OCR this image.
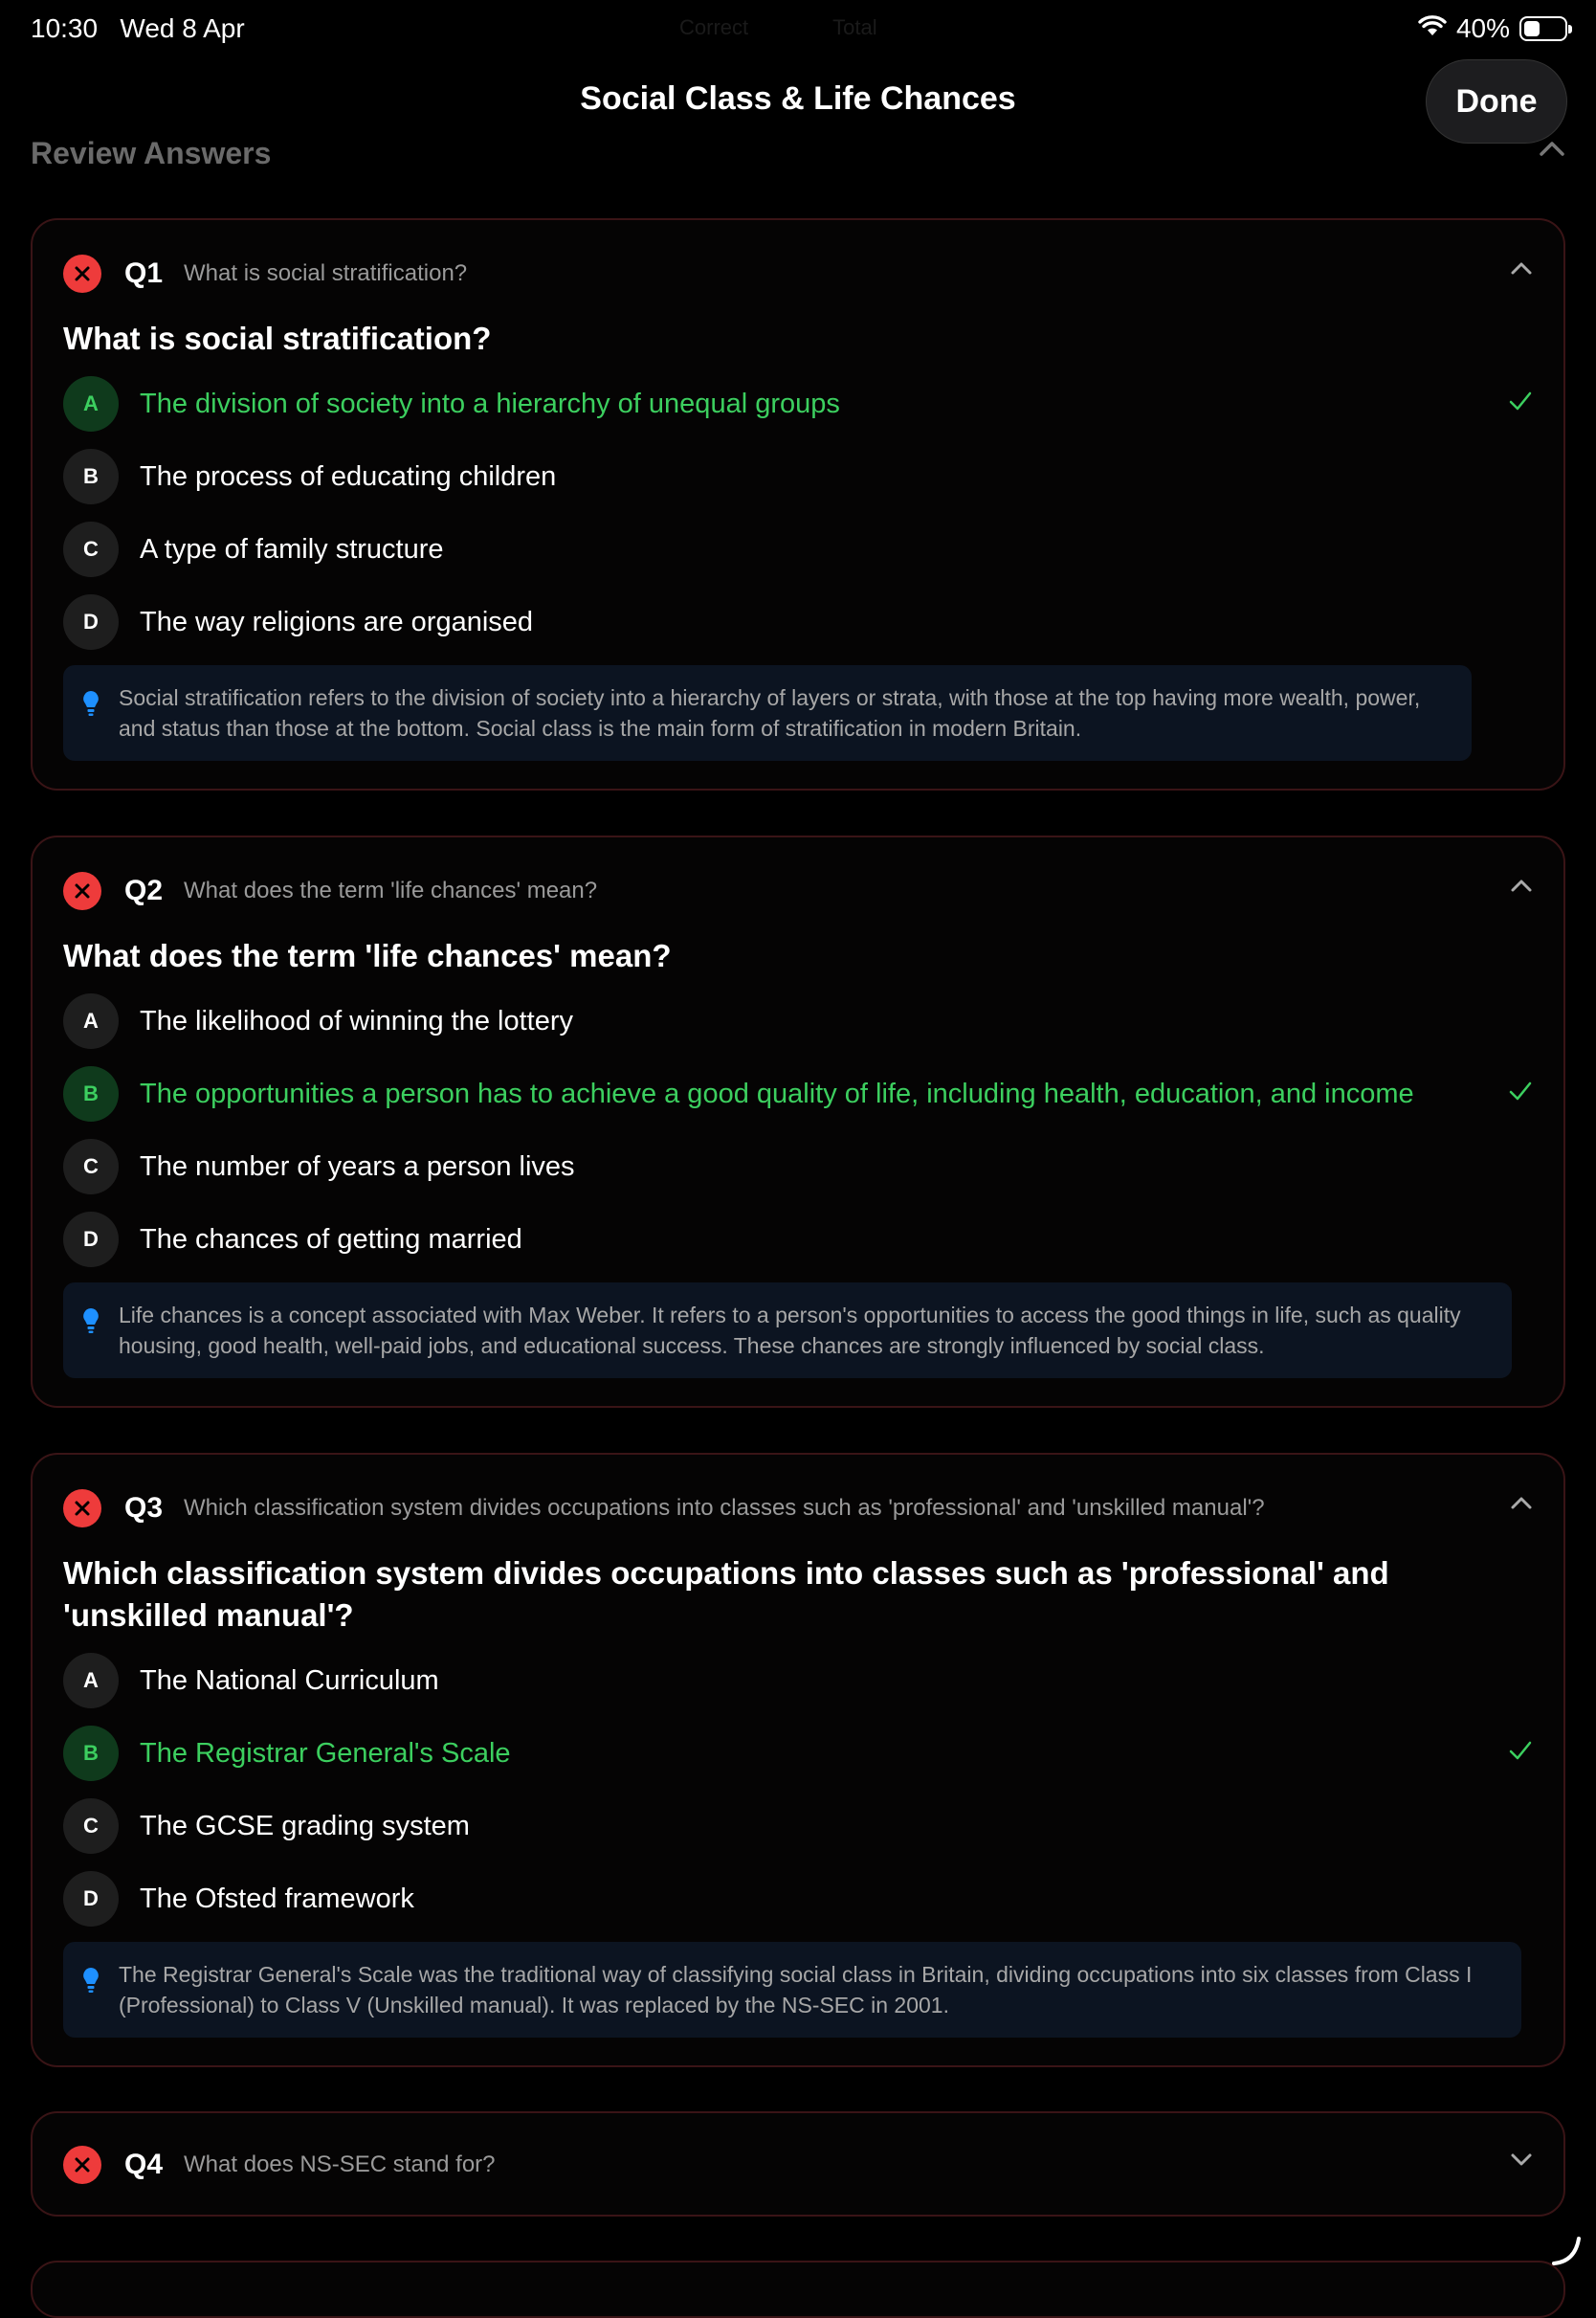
10:30 Wed 8 Apr	Correct	Total	40%
Social Class & Life Chances	Done
Review Answers
Q1 What is social stratification?
What is social stratification?
A	The division of society into a hierarchy of unequal groups
B	The process of educating children
C	A type of family structure
D	The way religions are organised
Social stratification refers to the division of society into a hierarchy of layers or strata, with those at the top having more wealth, power, and status than those at the bottom. Social class is the main form of stratification in modern Britain.
Q2 What does the term 'life chances' mean?
What does the term 'life chances' mean?
A	The likelihood of winning the lottery
B	The opportunities a person has to achieve a good quality of life, including health, education, and income
C	The number of years a person lives
D	The chances of getting married
Life chances is a concept associated with Max Weber. It refers to a person's opportunities to access the good things in life, such as quality housing, good health, well-paid jobs, and educational success. These chances are strongly influenced by social class.
Q3 Which classification system divides occupations into classes such as 'professional' and 'unskilled manual'?
Which classification system divides occupations into classes such as 'professional' and 'unskilled manual'?
A	The National Curriculum
B	The Registrar General's Scale
C	The GCSE grading system
D	The Ofsted framework
The Registrar General's Scale was the traditional way of classifying social class in Britain, dividing occupations into six classes from Class I (Professional) to Class V (Unskilled manual). It was replaced by the NS-SEC in 2001.
Q4 What does NS-SEC stand for?
